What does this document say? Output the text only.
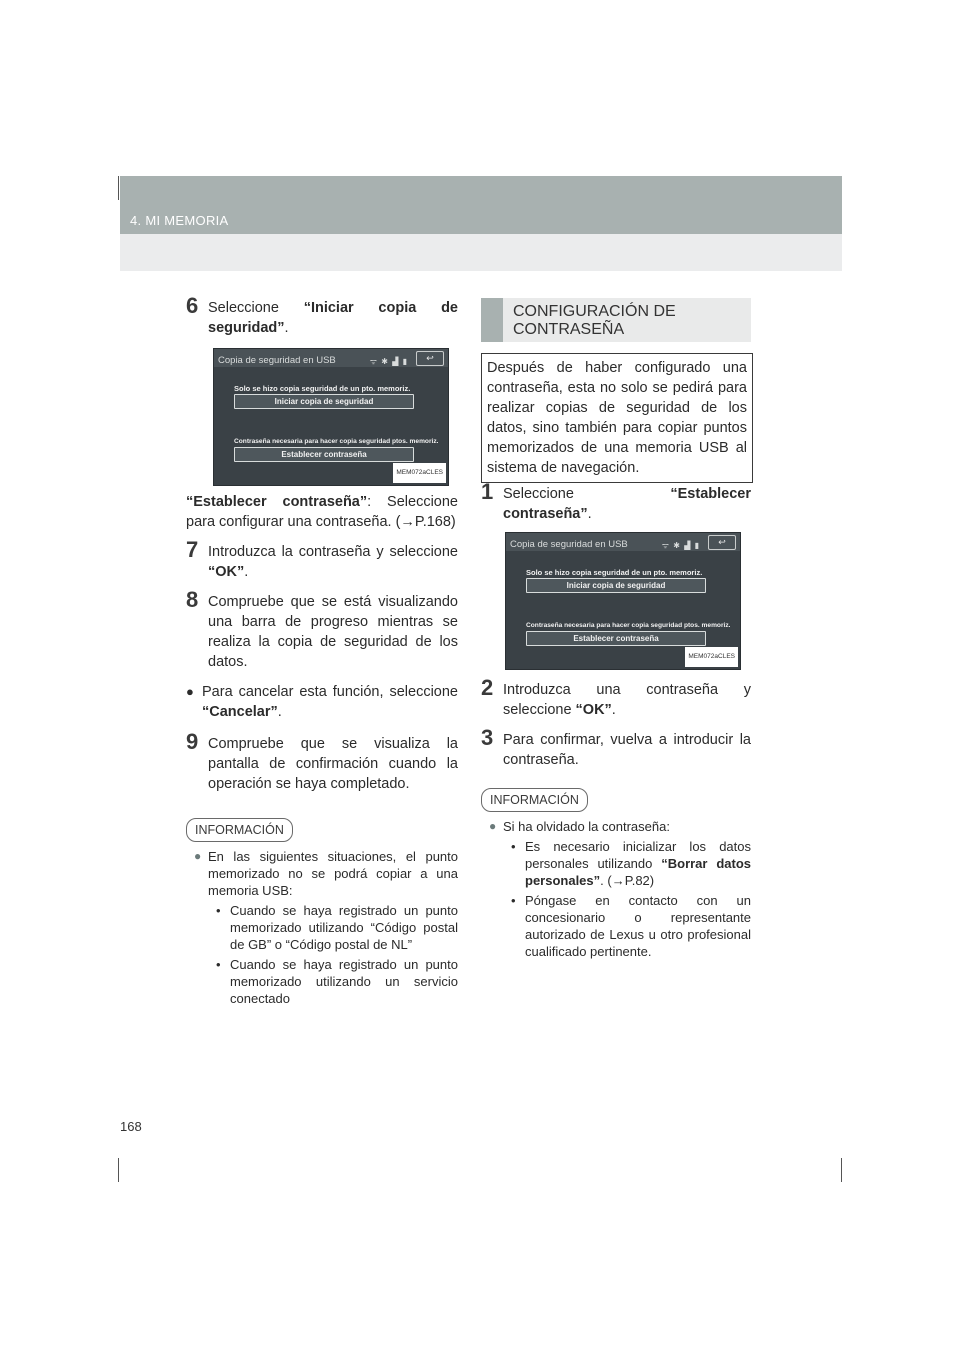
4. MI MEMORIA
6 Seleccione “Iniciar copia de seguridad”.
Copia de seguridad en USB	ᯤ ✱ ▟ ▮	↩
Solo se hizo copia seguridad de un pto. memoriz.
Iniciar copia de seguridad
Contraseña necesaria para hacer copia seguridad ptos. memoriz.
Establecer contraseña
MEM072aCLES

“Establecer contraseña”: Seleccione para configurar una contraseña. (→P.168)

7 Introduzca la contraseña y seleccione “OK”.
8 Compruebe que se está visualizando una barra de progreso mientras se realiza la copia de seguridad de los datos.
● Para cancelar esta función, seleccione “Cancelar”.
9 Compruebe que se visualiza la pantalla de confirmación cuando la operación se haya completado.
INFORMACIÓN
● En las siguientes situaciones, el punto memorizado no se podrá copiar a una memoria USB:
• Cuando se haya registrado un punto memorizado utilizando “Código postal de GB” o “Código postal de NL”
• Cuando se haya registrado un punto memorizado utilizando un servicio conectado
CONFIGURACIÓN DE CONTRASEÑA
Después de haber configurado una contraseña, esta no solo se pedirá para realizar copias de seguridad de los datos, sino también para copiar puntos memorizados de una memoria USB al sistema de navegación.
1 Seleccione “Establecer contraseña”.
Copia de seguridad en USB	ᯤ ✱ ▟ ▮	↩
Solo se hizo copia seguridad de un pto. memoriz.
Iniciar copia de seguridad
Contraseña necesaria para hacer copia seguridad ptos. memoriz.
Establecer contraseña
MEM072aCLES
2 Introduzca una contraseña y seleccione “OK”.
3 Para confirmar, vuelva a introducir la contraseña.
INFORMACIÓN
● Si ha olvidado la contraseña:
• Es necesario inicializar los datos personales utilizando “Borrar datos personales”. (→P.82)
• Póngase en contacto con un concesionario o representante autorizado de Lexus u otro profesional cualificado pertinente.
168
